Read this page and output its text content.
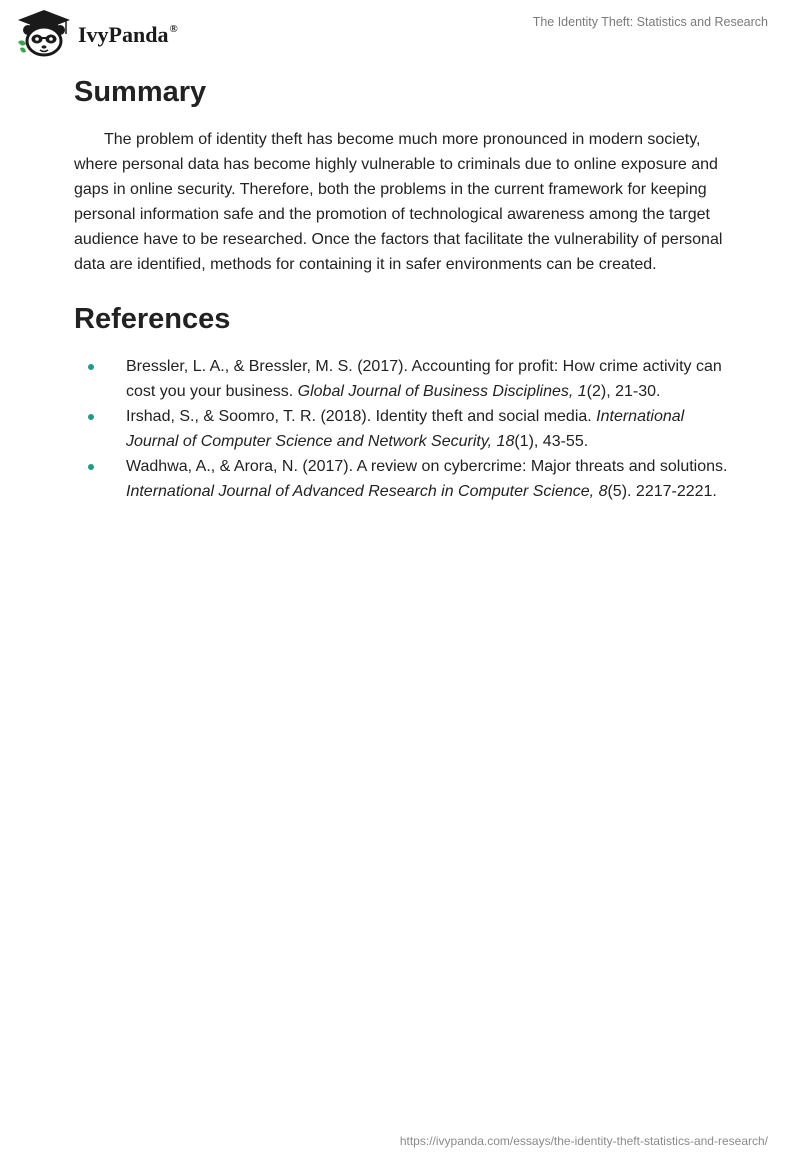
IvyPanda®	The Identity Theft: Statistics and Research
Summary

The problem of identity theft has become much more pronounced in modern society, where personal data has become highly vulnerable to criminals due to online exposure and gaps in online security. Therefore, both the problems in the current framework for keeping personal information safe and the promotion of technological awareness among the target audience have to be researched. Once the factors that facilitate the vulnerability of personal data are identified, methods for containing it in safer environments can be created.

References
Bressler, L. A., & Bressler, M. S. (2017). Accounting for profit: How crime activity can cost you your business. Global Journal of Business Disciplines, 1(2), 21-30.
Irshad, S., & Soomro, T. R. (2018). Identity theft and social media. International Journal of Computer Science and Network Security, 18(1), 43-55.
Wadhwa, A., & Arora, N. (2017). A review on cybercrime: Major threats and solutions. International Journal of Advanced Research in Computer Science, 8(5). 2217-2221.
https://ivypanda.com/essays/the-identity-theft-statistics-and-research/
